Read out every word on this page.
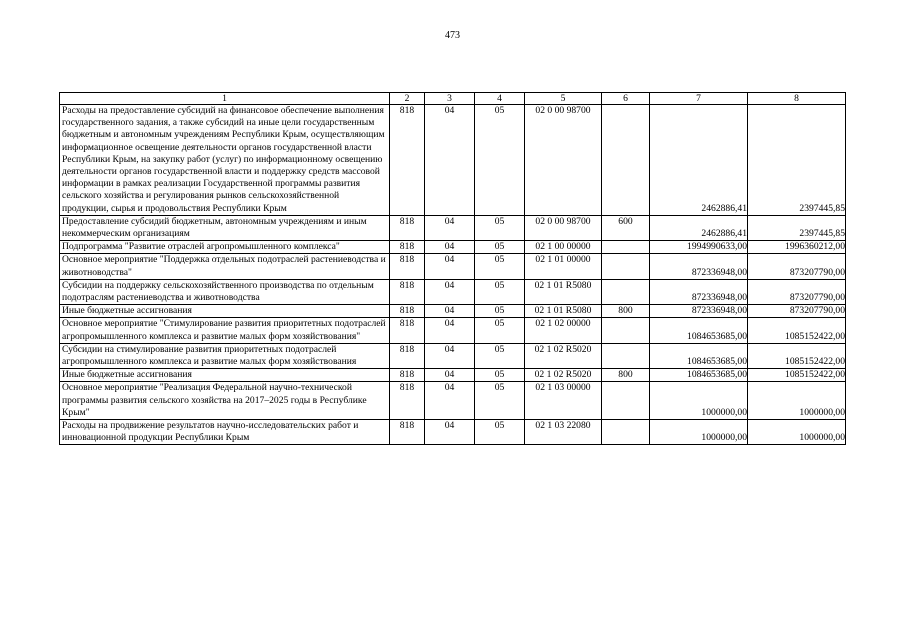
473
1	2	3	4	5	6	7	8
Расходы на предоставление субсидий на финансовое обеспечение выполнения государственного задания, а также субсидий на иные цели государственным бюджетным и автономным учреждениям Республики Крым, осуществляющим информационное освещение деятельности органов государственной власти Республики Крым, на закупку работ (услуг) по информационному освещению деятельности органов государственной власти и поддержку средств массовой информации в рамках реализации Государственной программы развития сельского хозяйства и регулирования рынков сельскохозяйственной продукции, сырья и продовольствия Республики Крым	818	04	05	02 0 00 98700		2462886,41	2397445,85
Предоставление субсидий бюджетным, автономным учреждениям и иным некоммерческим организациям	818	04	05	02 0 00 98700	600	2462886,41	2397445,85
Подпрограмма "Развитие отраслей агропромышленного комплекса"	818	04	05	02 1 00 00000		1994990633,00	1996360212,00
Основное мероприятие "Поддержка отдельных подотраслей растениеводства и животноводства"	818	04	05	02 1 01 00000		872336948,00	873207790,00
Субсидии на поддержку сельскохозяйственного производства по отдельным подотраслям растениеводства и животноводства	818	04	05	02 1 01 R5080		872336948,00	873207790,00
Иные бюджетные ассигнования	818	04	05	02 1 01 R5080	800	872336948,00	873207790,00
Основное мероприятие "Стимулирование развития приоритетных подотраслей агропромышленного комплекса и развитие малых форм хозяйствования"	818	04	05	02 1 02 00000		1084653685,00	1085152422,00
Субсидии на стимулирование развития приоритетных подотраслей агропромышленного комплекса и развитие малых форм хозяйствования	818	04	05	02 1 02 R5020		1084653685,00	1085152422,00
Иные бюджетные ассигнования	818	04	05	02 1 02 R5020	800	1084653685,00	1085152422,00
Основное мероприятие "Реализация Федеральной научно-технической программы развития сельского хозяйства на 2017–2025 годы в Республике Крым"	818	04	05	02 1 03 00000		1000000,00	1000000,00
Расходы на продвижение результатов научно-исследовательских работ и инновационной продукции Республики Крым	818	04	05	02 1 03 22080		1000000,00	1000000,00
